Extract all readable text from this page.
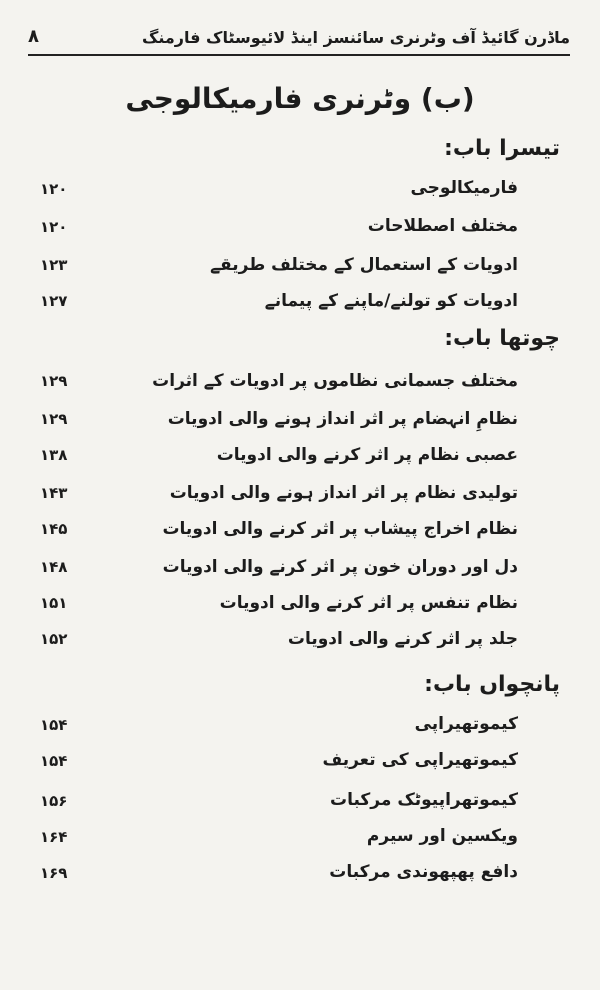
ماڈرن گائیڈ آف وٹرنری سائنسز اینڈ لائیوسٹاک فارمنگ
۸
(ب) وٹرنری فارمیکالوجی
تیسرا باب:
فارمیکالوجی
۱۲۰
مختلف اصطلاحات
۱۲۰
ادویات کے استعمال کے مختلف طریقے
۱۲۳
ادویات کو تولنے/ماپنے کے پیمانے
۱۲۷
چوتھا باب:
مختلف جسمانی نظاموں پر ادویات کے اثرات
۱۲۹
نظامِ انہضام پر اثر انداز ہونے والی ادویات
۱۲۹
عصبی نظام پر اثر کرنے والی ادویات
۱۳۸
تولیدی نظام پر اثر انداز ہونے والی ادویات
۱۴۳
نظام اخراج پیشاب پر اثر کرنے والی ادویات
۱۴۵
دل اور دوران خون پر اثر کرنے والی ادویات
۱۴۸
نظام تنفس پر اثر کرنے والی ادویات
۱۵۱
جلد پر اثر کرنے والی ادویات
۱۵۲
پانچواں باب:
کیموتھیراپی
۱۵۴
کیموتھیراپی کی تعریف
۱۵۴
کیموتھراپیوٹک مرکبات
۱۵۶
ویکسین اور سیرم
۱۶۴
دافع پھپھوندی مرکبات
۱۶۹
